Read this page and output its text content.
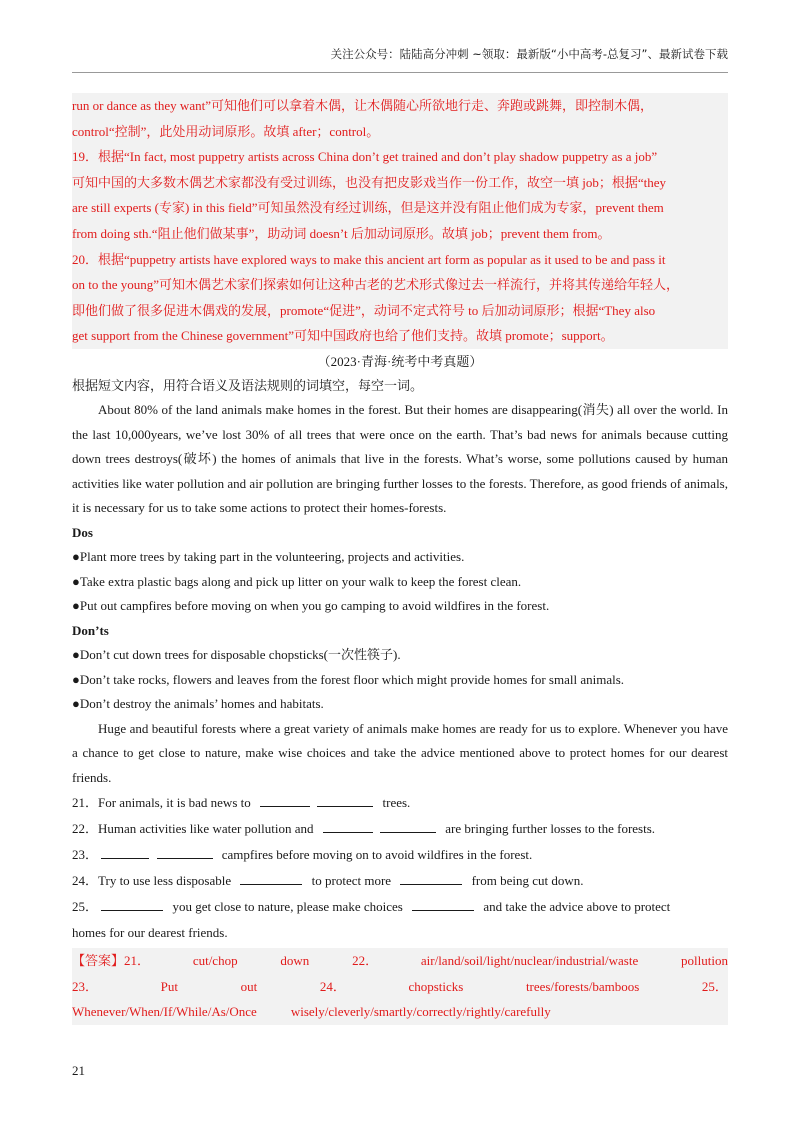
关注公众号：陆陆高分冲刺 ~领取：最新版“小中高考-总复习”、最新试卷下载

run or dance as they want”可知他们可以拿着木偶，让木偶随心所欲地行走、奔跑或跳舞，即控制木偶，

control“控制”，此处用动词原形。故填 after；control。

19．根据“In fact, most puppetry artists across China don’t get trained and don’t play shadow puppetry as a job”

可知中国的大多数木偶艺术家都没有受过训练，也没有把皮影戏当作一份工作，故空一填 job；根据“they

are still experts (专家) in this field”可知虽然没有经过训练，但是这并没有阻止他们成为专家，prevent them

from doing sth.“阻止他们做某事”，助动词 doesn’t 后加动词原形。故填 job；prevent them from。

20．根据“puppetry artists have explored ways to make this ancient art form as popular as it used to be and pass it

on to the young”可知木偶艺术家们探索如何让这种古老的艺术形式像过去一样流行，并将其传递给年轻人，

即他们做了很多促进木偶戏的发展，promote“促进”，动词不定式符号 to 后加动词原形；根据“They also

get support from the Chinese government”可知中国政府也给了他们支持。故填 promote；support。

（2023·青海·统考中考真题）

根据短文内容，用符合语义及语法规则的词填空，每空一词。

About 80% of the land animals make homes in the forest. But their homes are disappearing(消失) all over the world. In the last 10,000years, we’ve lost 30% of all trees that were once on the earth. That’s bad news for animals because cutting down trees destroys(破坏) the homes of animals that live in the forests. What’s worse, some pollutions caused by human activities like water pollution and air pollution are bringing further losses to the forests. Therefore, as good friends of animals, it is necessary for us to take some actions to protect their homes-forests.

Dos

●Plant more trees by taking part in the volunteering, projects and activities.

●Take extra plastic bags along and pick up litter on your walk to keep the forest clean.

●Put out campfires before moving on when you go camping to avoid wildfires in the forest.

Don’ts

●Don’t cut down trees for disposable chopsticks(一次性筷子).

●Don’t take rocks, flowers and leaves from the forest floor which might provide homes for small animals.

●Don’t destroy the animals’ homes and habitats.

Huge and beautiful forests where a great variety of animals make homes are ready for us to explore. Whenever you have a chance to get close to nature, make wise choices and take the advice mentioned above to protect homes for our dearest friends.

21．For animals, it is bad news to	trees.

22．Human activities like water pollution and	are bringing further losses to the forests.

23．	campfires before moving on to avoid wildfires in the forest.

24．Try to use less disposable	to protect more	from being cut down.

25．	you get close to nature, please make choices	and take the advice above to protect

homes for our dearest friends.

【答案】21．	cut/chop	down	22．	air/land/soil/light/nuclear/industrial/waste	pollution
23．	Put	out	24．	chopsticks	trees/forests/bamboos	25．
Whenever/When/If/While/As/Once	wisely/cleverly/smartly/correctly/rightly/carefully
21
